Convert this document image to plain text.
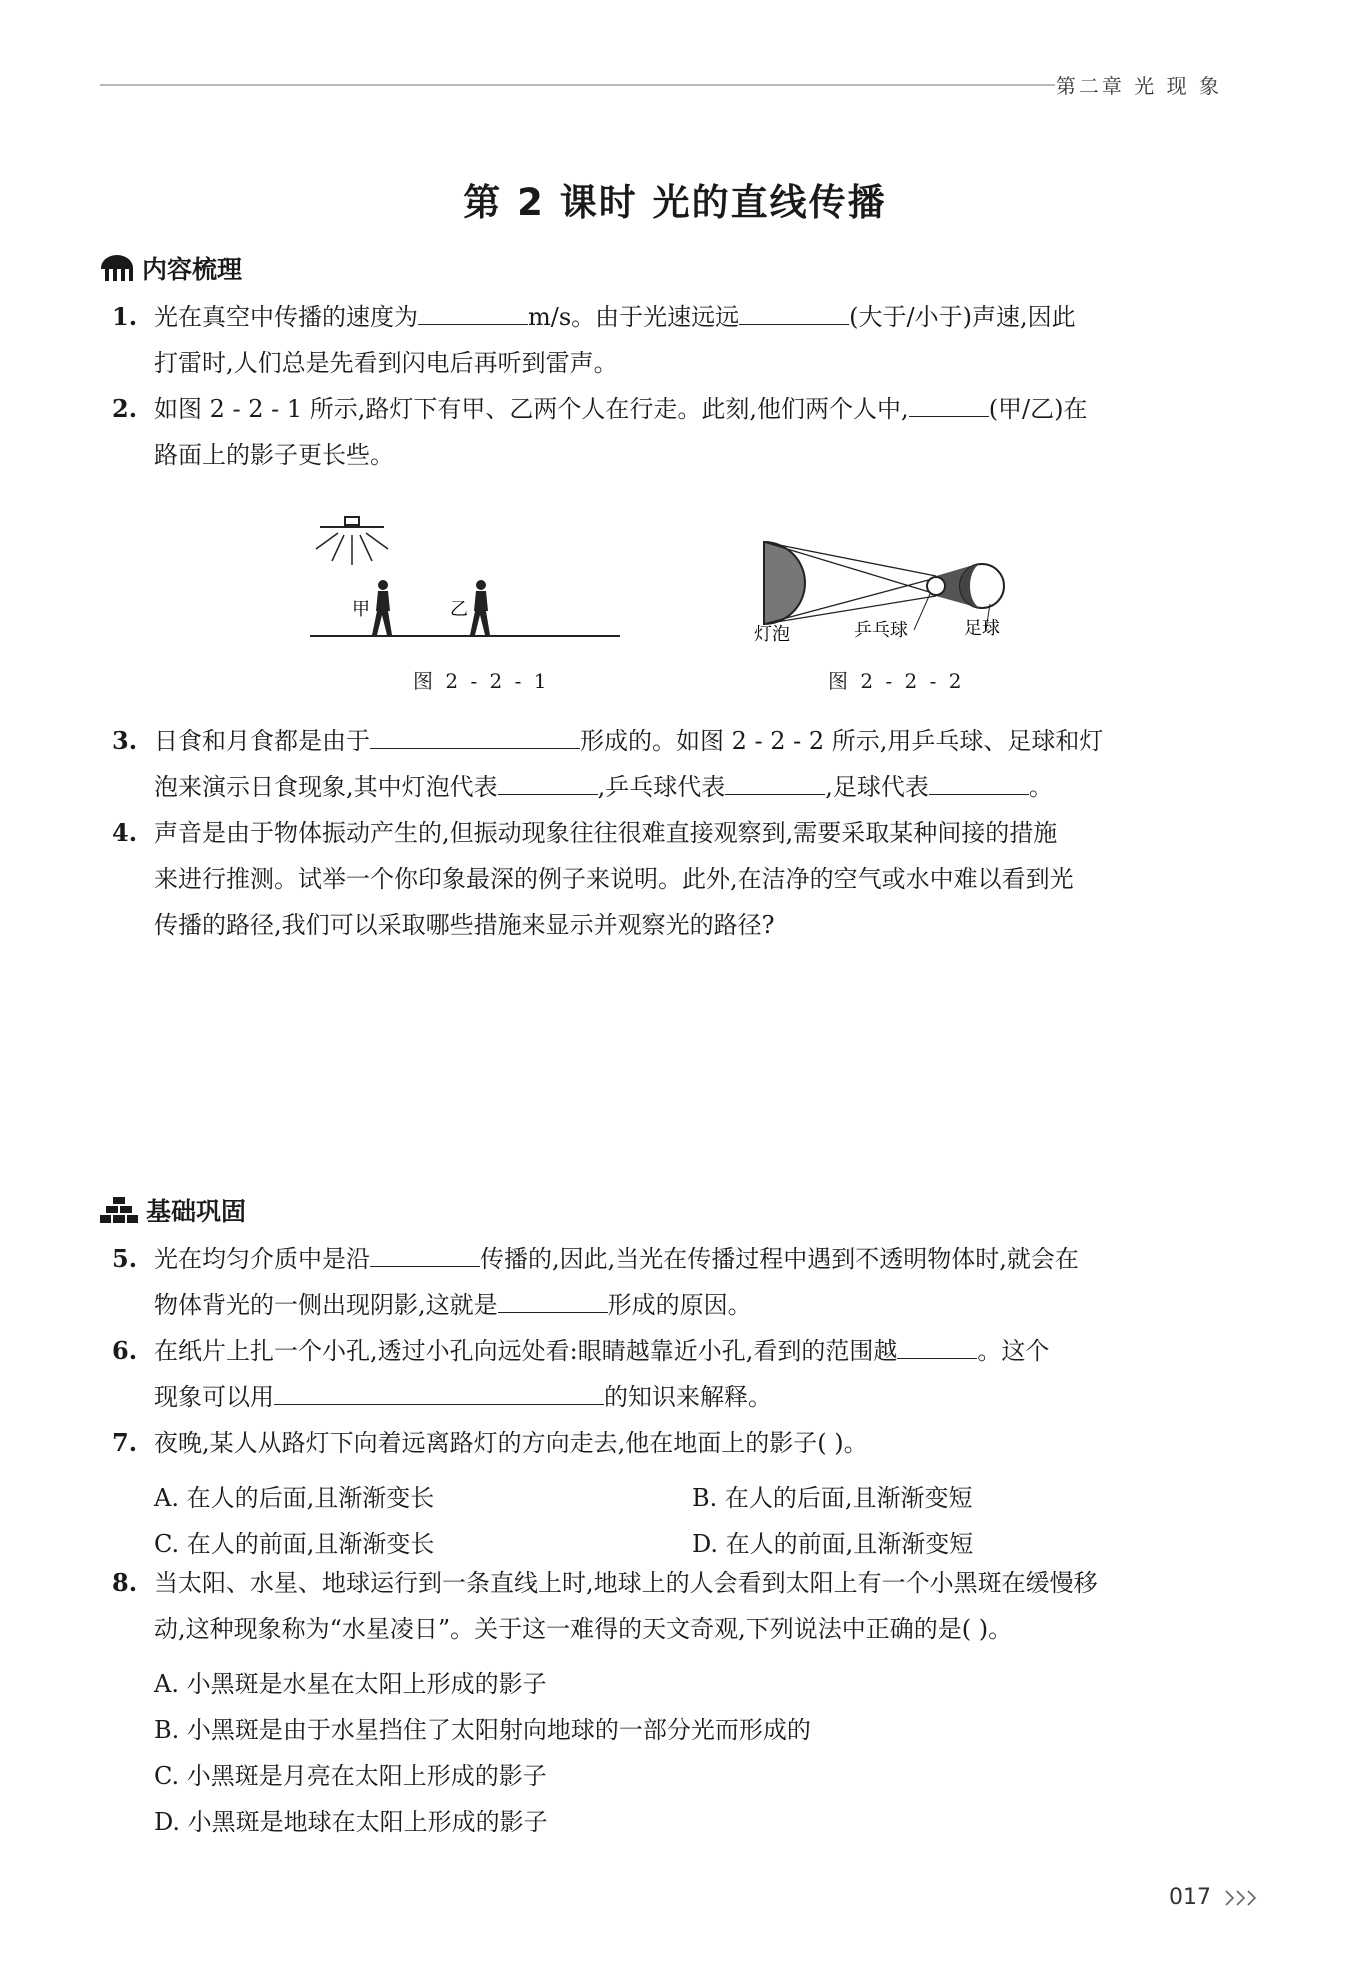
第二章 光 现 象
第 2 课时 光的直线传播
内容梳理
1. 光在真空中传播的速度为	m/s。由于光速远远	(大于/小于)声速,因此
打雷时,人们总是先看到闪电后再听到雷声。
2. 如图 2 - 2 - 1 所示,路灯下有甲、乙两个人在行走。此刻,他们两个人中,	(甲/乙)在
路面上的影子更长些。
甲	乙
图 2 - 2 - 1
灯泡	乒乓球	足球
图 2 - 2 - 2
3. 日食和月食都是由于	形成的。如图 2 - 2 - 2 所示,用乒乓球、足球和灯
泡来演示日食现象,其中灯泡代表	,乒乓球代表	,足球代表	。
4. 声音是由于物体振动产生的,但振动现象往往很难直接观察到,需要采取某种间接的措施
来进行推测。试举一个你印象最深的例子来说明。此外,在洁净的空气或水中难以看到光
传播的路径,我们可以采取哪些措施来显示并观察光的路径?
基础巩固
5. 光在均匀介质中是沿	传播的,因此,当光在传播过程中遇到不透明物体时,就会在
物体背光的一侧出现阴影,这就是	形成的原因。
6. 在纸片上扎一个小孔,透过小孔向远处看:眼睛越靠近小孔,看到的范围越	。这个
现象可以用	的知识来解释。
7. 夜晚,某人从路灯下向着远离路灯的方向走去,他在地面上的影子( )。
A. 在人的后面,且渐渐变长	B. 在人的后面,且渐渐变短
C. 在人的前面,且渐渐变长	D. 在人的前面,且渐渐变短
8. 当太阳、水星、地球运行到一条直线上时,地球上的人会看到太阳上有一个小黑斑在缓慢移
动,这种现象称为“水星凌日”。关于这一难得的天文奇观,下列说法中正确的是( )。
A. 小黑斑是水星在太阳上形成的影子
B. 小黑斑是由于水星挡住了太阳射向地球的一部分光而形成的
C. 小黑斑是月亮在太阳上形成的影子
D. 小黑斑是地球在太阳上形成的影子
017
